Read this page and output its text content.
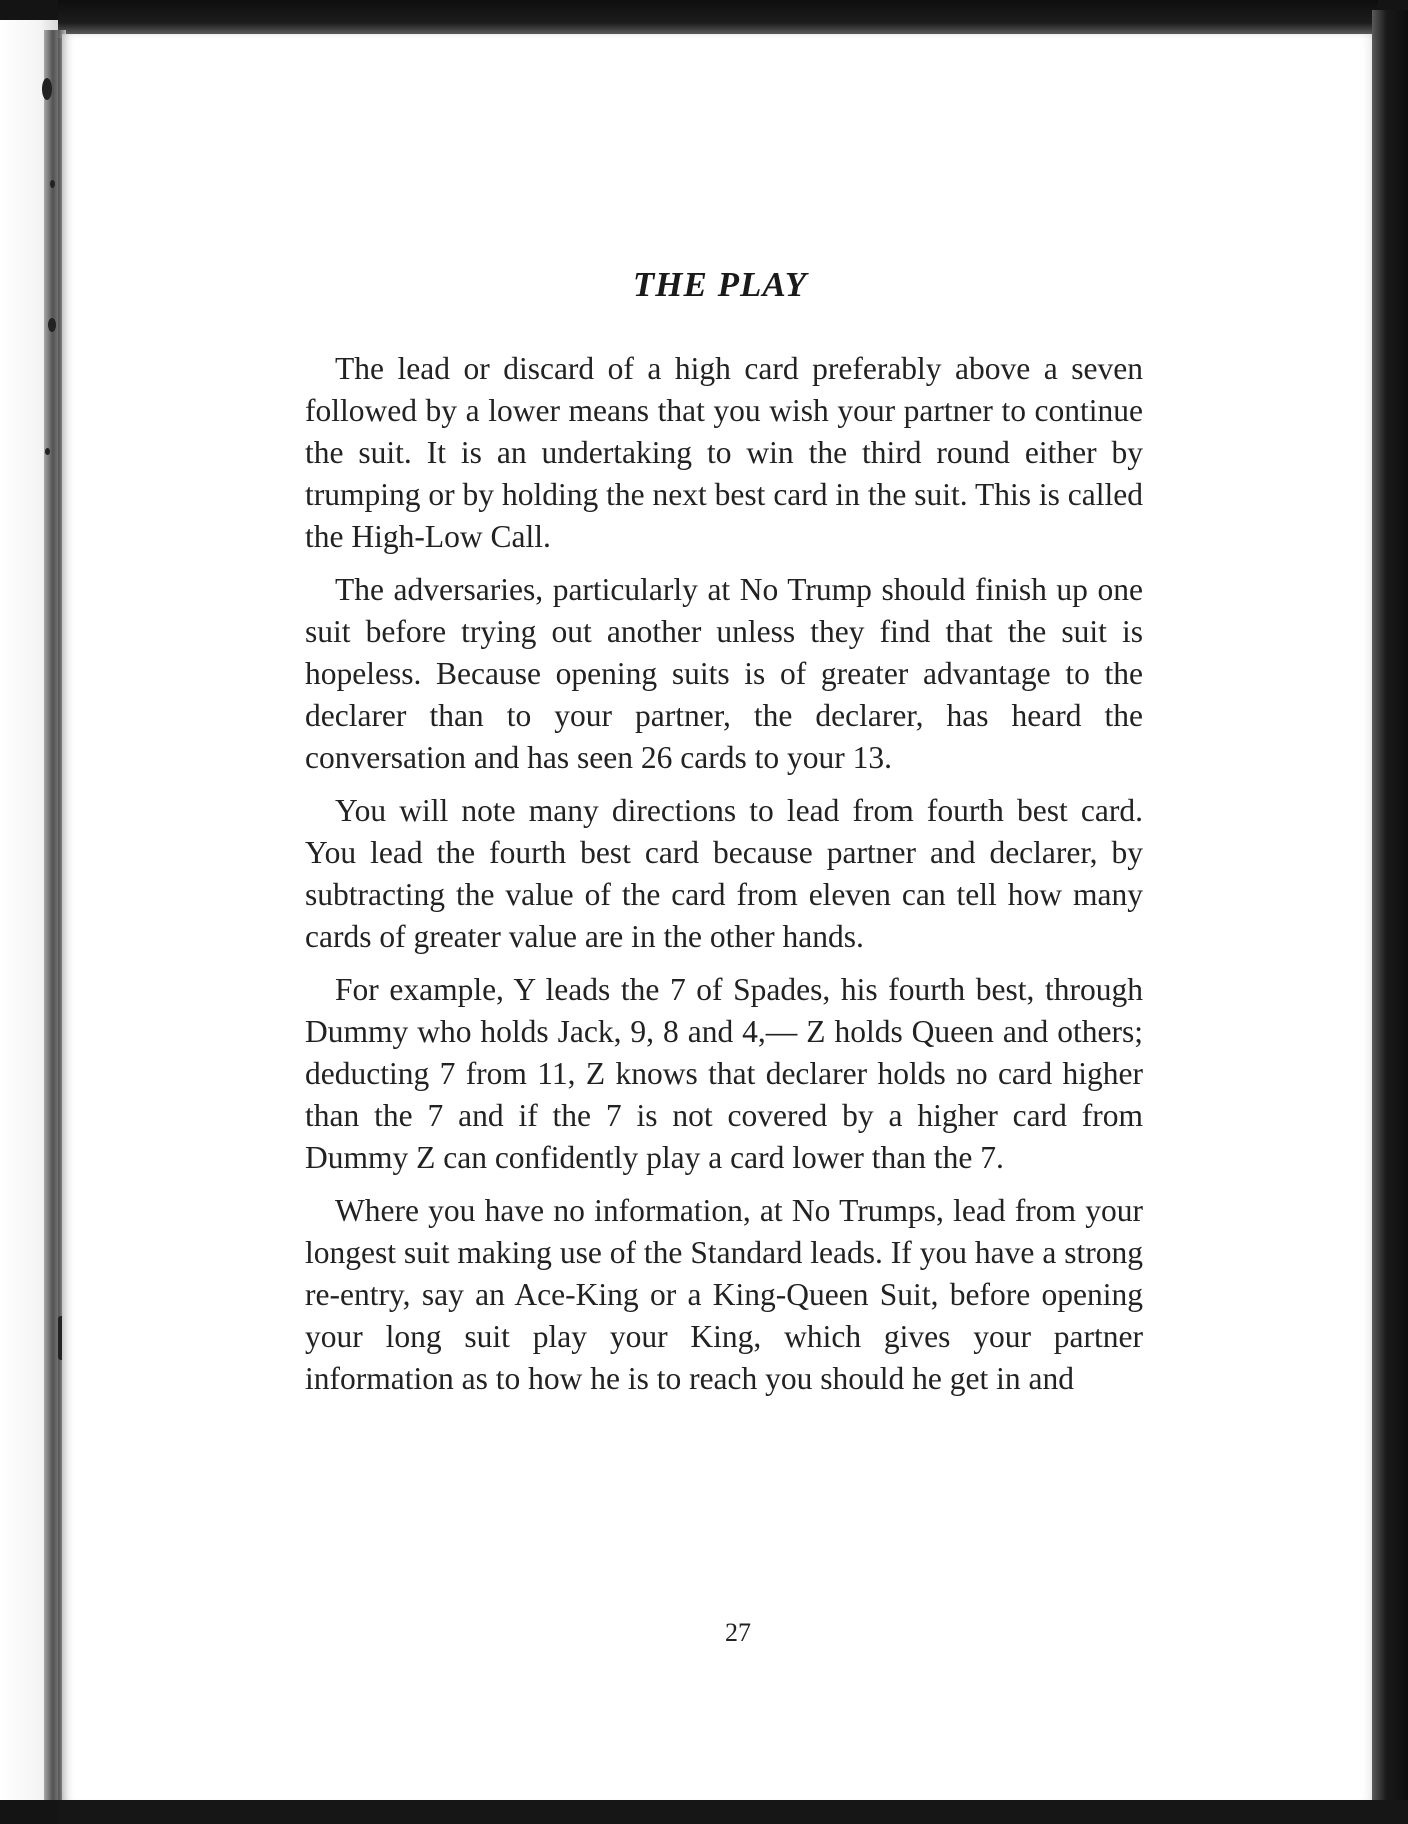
THE PLAY

The lead or discard of a high card preferably above a seven followed by a lower means that you wish your partner to continue the suit. It is an undertaking to win the third round either by trumping or by holding the next best card in the suit. This is called the High-Low Call.

The adversaries, particularly at No Trump should finish up one suit before trying out another unless they find that the suit is hopeless. Because opening suits is of greater advantage to the declarer than to your partner, the declarer, has heard the conversation and has seen 26 cards to your 13.

You will note many directions to lead from fourth best card. You lead the fourth best card because partner and declarer, by subtracting the value of the card from eleven can tell how many cards of greater value are in the other hands.

For example, Y leads the 7 of Spades, his fourth best, through Dummy who holds Jack, 9, 8 and 4,— Z holds Queen and others; deducting 7 from 11, Z knows that declarer holds no card higher than the 7 and if the 7 is not covered by a higher card from Dummy Z can confidently play a card lower than the 7.

Where you have no information, at No Trumps, lead from your longest suit making use of the Standard leads. If you have a strong re-entry, say an Ace-King or a King-Queen Suit, before opening your long suit play your King, which gives your partner information as to how he is to reach you should he get in and

27
